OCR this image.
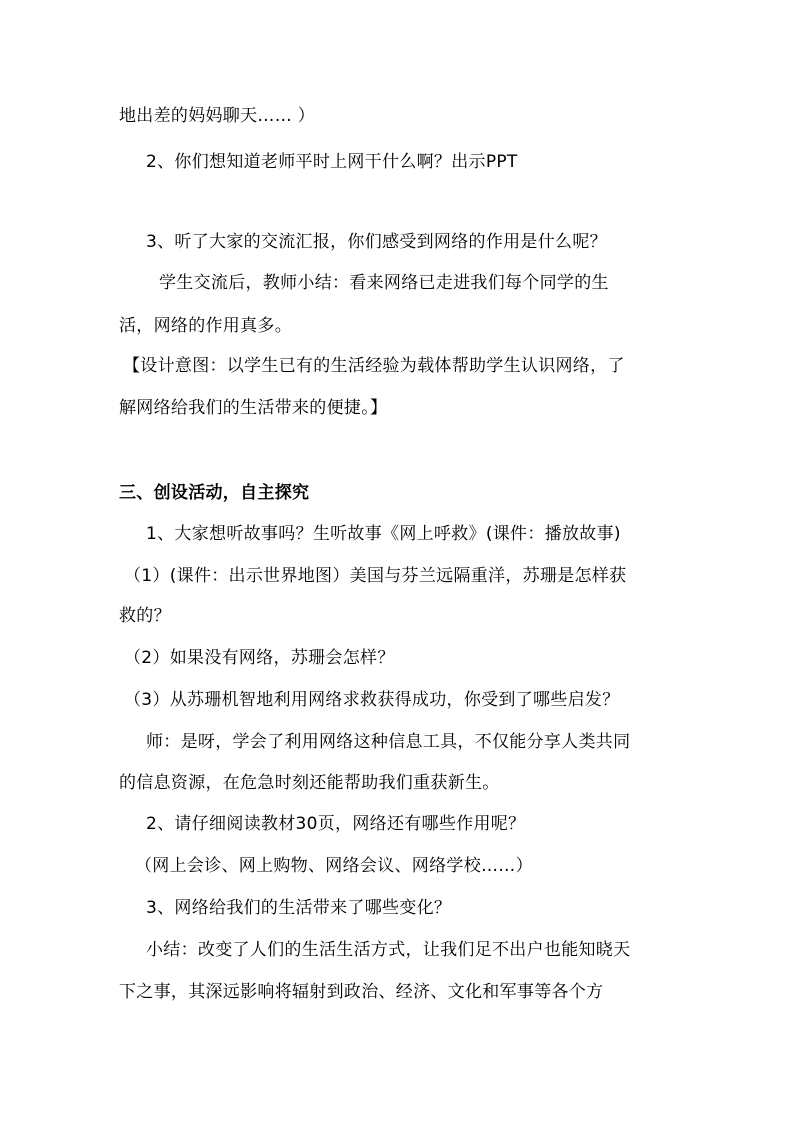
地出差的妈妈聊天…… ）
2、你们想知道老师平时上网干什么啊？出示PPT
3、听了大家的交流汇报，你们感受到网络的作用是什么呢？
学生交流后，教师小结：看来网络已走进我们每个同学的生
活，网络的作用真多。
【设计意图：以学生已有的生活经验为载体帮助学生认识网络，了
解网络给我们的生活带来的便捷。】
三、创设活动，自主探究
1、大家想听故事吗？生听故事《网上呼救》(课件：播放故事)
（1）(课件：出示世界地图）美国与芬兰远隔重洋，苏珊是怎样获
救的？
（2）如果没有网络，苏珊会怎样？
（3）从苏珊机智地利用网络求救获得成功，你受到了哪些启发？
师：是呀，学会了利用网络这种信息工具，不仅能分享人类共同
的信息资源，在危急时刻还能帮助我们重获新生。
2、请仔细阅读教材30页，网络还有哪些作用呢？
（网上会诊、网上购物、网络会议、网络学校……）
3、网络给我们的生活带来了哪些变化？
小结：改变了人们的生活生活方式，让我们足不出户也能知晓天
下之事，其深远影响将辐射到政治、经济、文化和军事等各个方
